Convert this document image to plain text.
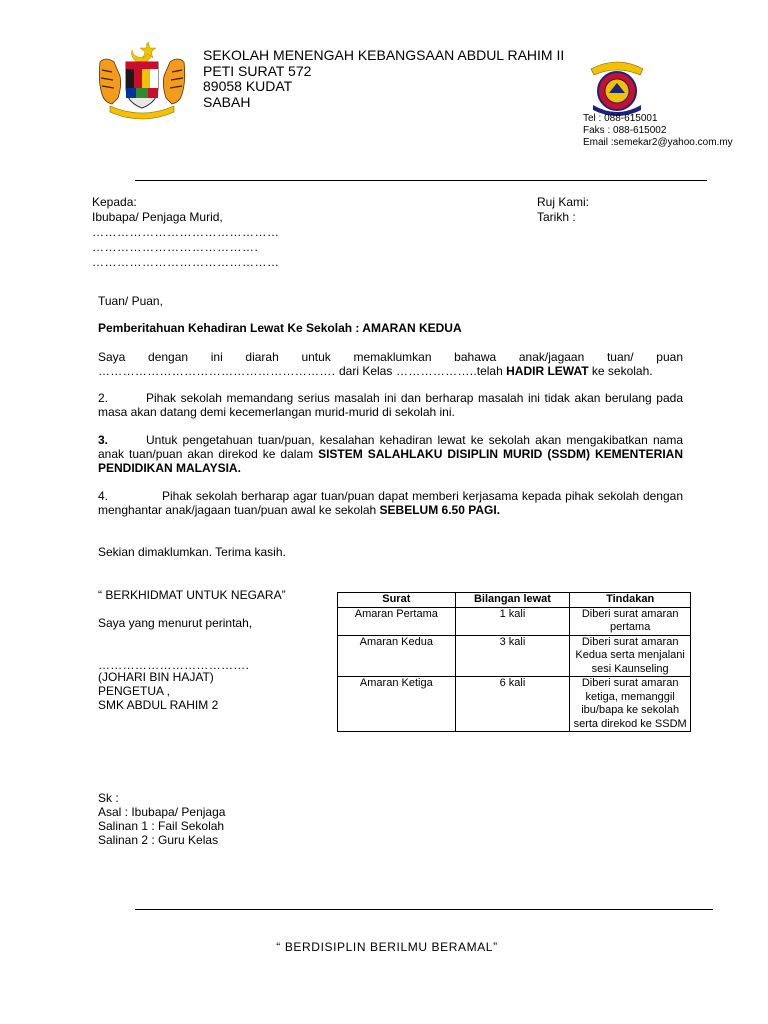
SEKOLAH MENENGAH KEBANGSAAN ABDUL RAHIM II
PETI SURAT 572
89058 KUDAT
SABAH
Tel : 088-615001
Faks : 088-615002
Email :semekar2@yahoo.com.my
Kepada:
Ibubapa/ Penjaga Murid,
………………………………………
………………………………….
………………………………………
Ruj Kami:
Tarikh :
Tuan/ Puan,
Pemberitahuan Kehadiran Lewat Ke Sekolah : AMARAN KEDUA
Saya dengan ini diarah untuk memaklumkan bahawa anak/jagaan tuan/ puan
…………………………………………………. dari Kelas ………………..telah HADIR LEWAT ke sekolah.
2.	Pihak sekolah memandang serius masalah ini dan berharap masalah ini tidak akan berulang pada masa akan datang demi kecemerlangan murid-murid di sekolah ini.
3.	Untuk pengetahuan tuan/puan, kesalahan kehadiran lewat ke sekolah akan mengakibatkan nama anak tuan/puan akan direkod ke dalam SISTEM SALAHLAKU DISIPLIN MURID (SSDM) KEMENTERIAN PENDIDIKAN MALAYSIA.
4.	Pihak sekolah berharap agar tuan/puan dapat memberi kerjasama kepada pihak sekolah dengan menghantar anak/jagaan tuan/puan awal ke sekolah SEBELUM 6.50 PAGI.
Sekian dimaklumkan. Terima kasih.
“ BERKHIDMAT UNTUK NEGARA”
Saya yang menurut perintah,
……………………………….
(JOHARI BIN HAJAT)
PENGETUA ,
SMK ABDUL RAHIM 2
Surat	Bilangan lewat	Tindakan
Amaran Pertama	1 kali	Diberi surat amaran pertama
Amaran Kedua	3 kali	Diberi surat amaran Kedua serta menjalani sesi Kaunseling
Amaran Ketiga	6 kali	Diberi surat amaran ketiga, memanggil ibu/bapa ke sekolah serta direkod ke SSDM
Sk :
Asal : Ibubapa/ Penjaga
Salinan 1 : Fail Sekolah
Salinan 2 : Guru Kelas
“ BERDISIPLIN BERILMU BERAMAL”
